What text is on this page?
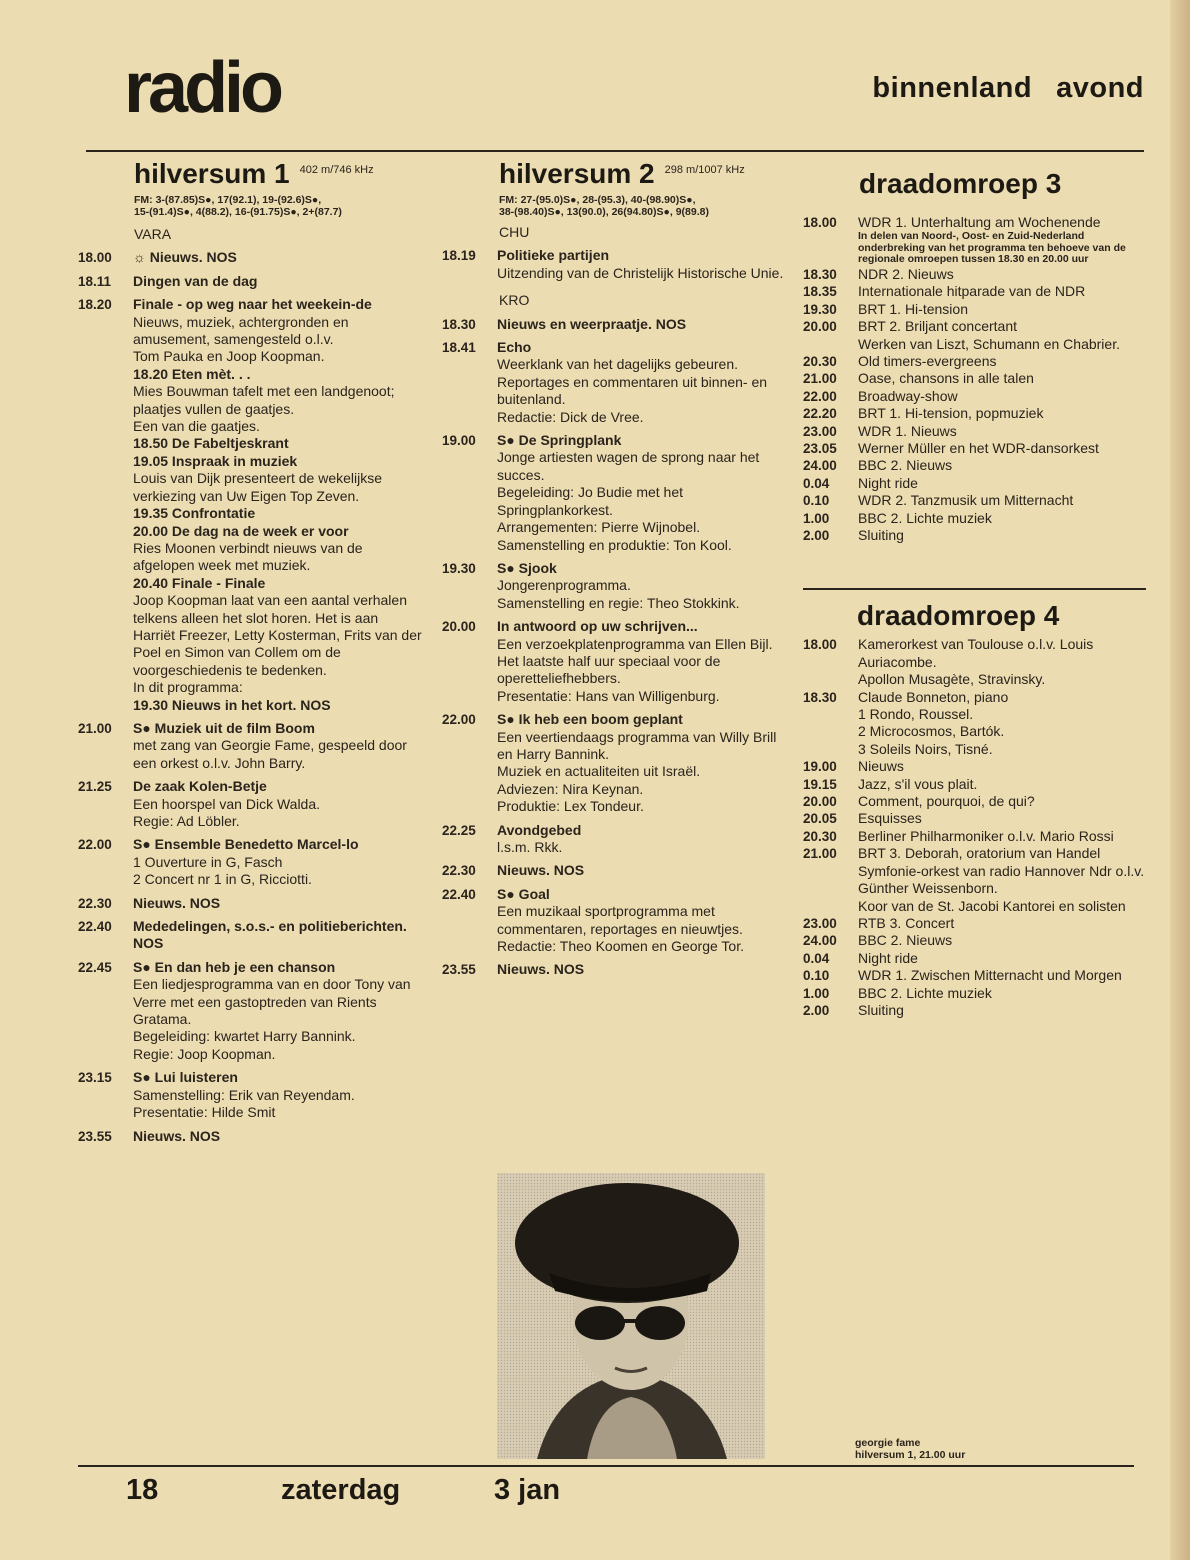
radio	binnenland avond
hilversum 1 $^{402 m/746 kHz}$
FM: 3-(87.85)S●, 17(92.1), 19-(92.6)S●,
15-(91.4)S●, 4(88.2), 16-(91.75)S●, 2+(87.7)
VARA
18.00	☼ Nieuws. NOS
18.11	Dingen van de dag
18.20	Finale - op weg naar het weekein-de
Nieuws, muziek, achtergronden en amusement, samengesteld o.l.v.
Tom Pauka en Joop Koopman.
18.20 Eten mèt. . .
Mies Bouwman tafelt met een landgenoot; plaatjes vullen de gaatjes.
Een van die gaatjes.
18.50 De Fabeltjeskrant
19.05 Inspraak in muziek
Louis van Dijk presenteert de wekelijkse verkiezing van Uw Eigen Top Zeven.
19.35 Confrontatie
20.00 De dag na de week er voor
Ries Moonen verbindt nieuws van de afgelopen week met muziek.
20.40 Finale - Finale
Joop Koopman laat van een aantal verhalen telkens alleen het slot horen. Het is aan Harriët Freezer, Letty Kosterman, Frits van der Poel en Simon van Collem om de voorgeschiedenis te bedenken.
In dit programma:
19.30 Nieuws in het kort. NOS
21.00	S● Muziek uit de film Boom
met zang van Georgie Fame, gespeeld door een orkest o.l.v. John Barry.
21.25	De zaak Kolen-Betje
Een hoorspel van Dick Walda.
Regie: Ad Löbler.
22.00	S● Ensemble Benedetto Marcel-lo
1 Ouverture in G, Fasch
2 Concert nr 1 in G, Ricciotti.
22.30	Nieuws. NOS
22.40	Mededelingen, s.o.s.- en politieberichten. NOS
22.45	S● En dan heb je een chanson
Een liedjesprogramma van en door Tony van Verre met een gastoptreden van Rients Gratama.
Begeleiding: kwartet Harry Bannink.
Regie: Joop Koopman.
23.15	S● Lui luisteren
Samenstelling: Erik van Reyendam.
Presentatie: Hilde Smit
23.55	Nieuws. NOS
hilversum 2 $^{298 m/1007 kHz}$
FM: 27-(95.0)S●, 28-(95.3), 40-(98.90)S●,
38-(98.40)S●, 13(90.0), 26(94.80)S●, 9(89.8)
CHU
18.19	Politieke partijen
Uitzending van de Christelijk Historische Unie.
KRO
18.30	Nieuws en weerpraatje. NOS
18.41	Echo
Weerklank van het dagelijks gebeuren.
Reportages en commentaren uit binnen- en buitenland.
Redactie: Dick de Vree.
19.00	S● De Springplank
Jonge artiesten wagen de sprong naar het succes.
Begeleiding: Jo Budie met het Springplankorkest.
Arrangementen: Pierre Wijnobel.
Samenstelling en produktie: Ton Kool.
19.30	S● Sjook
Jongerenprogramma.
Samenstelling en regie: Theo Stokkink.
20.00	In antwoord op uw schrijven...
Een verzoekplatenprogramma van Ellen Bijl. Het laatste half uur speciaal voor de operetteliefhebbers.
Presentatie: Hans van Willigenburg.
22.00	S● Ik heb een boom geplant
Een veertiendaags programma van Willy Brill en Harry Bannink.
Muziek en actualiteiten uit Israël.
Adviezen: Nira Keynan.
Produktie: Lex Tondeur.
22.25	Avondgebed
l.s.m. Rkk.
22.30	Nieuws. NOS
22.40	S● Goal
Een muzikaal sportprogramma met commentaren, reportages en nieuwtjes.
Redactie: Theo Koomen en George Tor.
23.55	Nieuws. NOS
draadomroep 3
18.00	WDR 1. Unterhaltung am Wochenende
In delen van Noord-, Oost- en Zuid-Nederland onderbreking van het programma ten behoeve van de regionale omroepen tussen 18.30 en 20.00 uur
18.30	NDR 2. Nieuws
18.35	Internationale hitparade van de NDR
19.30	BRT 1. Hi-tension
20.00	BRT 2. Briljant concertant
Werken van Liszt, Schumann en Chabrier.
20.30	Old timers-evergreens
21.00	Oase, chansons in alle talen
22.00	Broadway-show
22.20	BRT 1. Hi-tension, popmuziek
23.00	WDR 1. Nieuws
23.05	Werner Müller en het WDR-dansorkest
24.00	BBC 2. Nieuws
0.04	Night ride
0.10	WDR 2. Tanzmusik um Mitternacht
1.00	BBC 2. Lichte muziek
2.00	Sluiting
draadomroep 4
18.00	Kamerorkest van Toulouse o.l.v. Louis Auriacombe.
Apollon Musagète, Stravinsky.
18.30	Claude Bonneton, piano
1 Rondo, Roussel.
2 Microcosmos, Bartók.
3 Soleils Noirs, Tisné.
19.00	Nieuws
19.15	Jazz, s'il vous plait.
20.00	Comment, pourquoi, de qui?
20.05	Esquisses
20.30	Berliner Philharmoniker o.l.v. Mario Rossi
21.00	BRT 3. Deborah, oratorium van Handel
Symfonie-orkest van radio Hannover Ndr o.l.v. Günther Weissenborn.
Koor van de St. Jacobi Kantorei en solisten
23.00	RTB 3. Concert
24.00	BBC 2. Nieuws
0.04	Night ride
0.10	WDR 1. Zwischen Mitternacht und Morgen
1.00	BBC 2. Lichte muziek
2.00	Sluiting
georgie fame
hilversum 1, 21.00 uur
18	zaterdag	3 jan
